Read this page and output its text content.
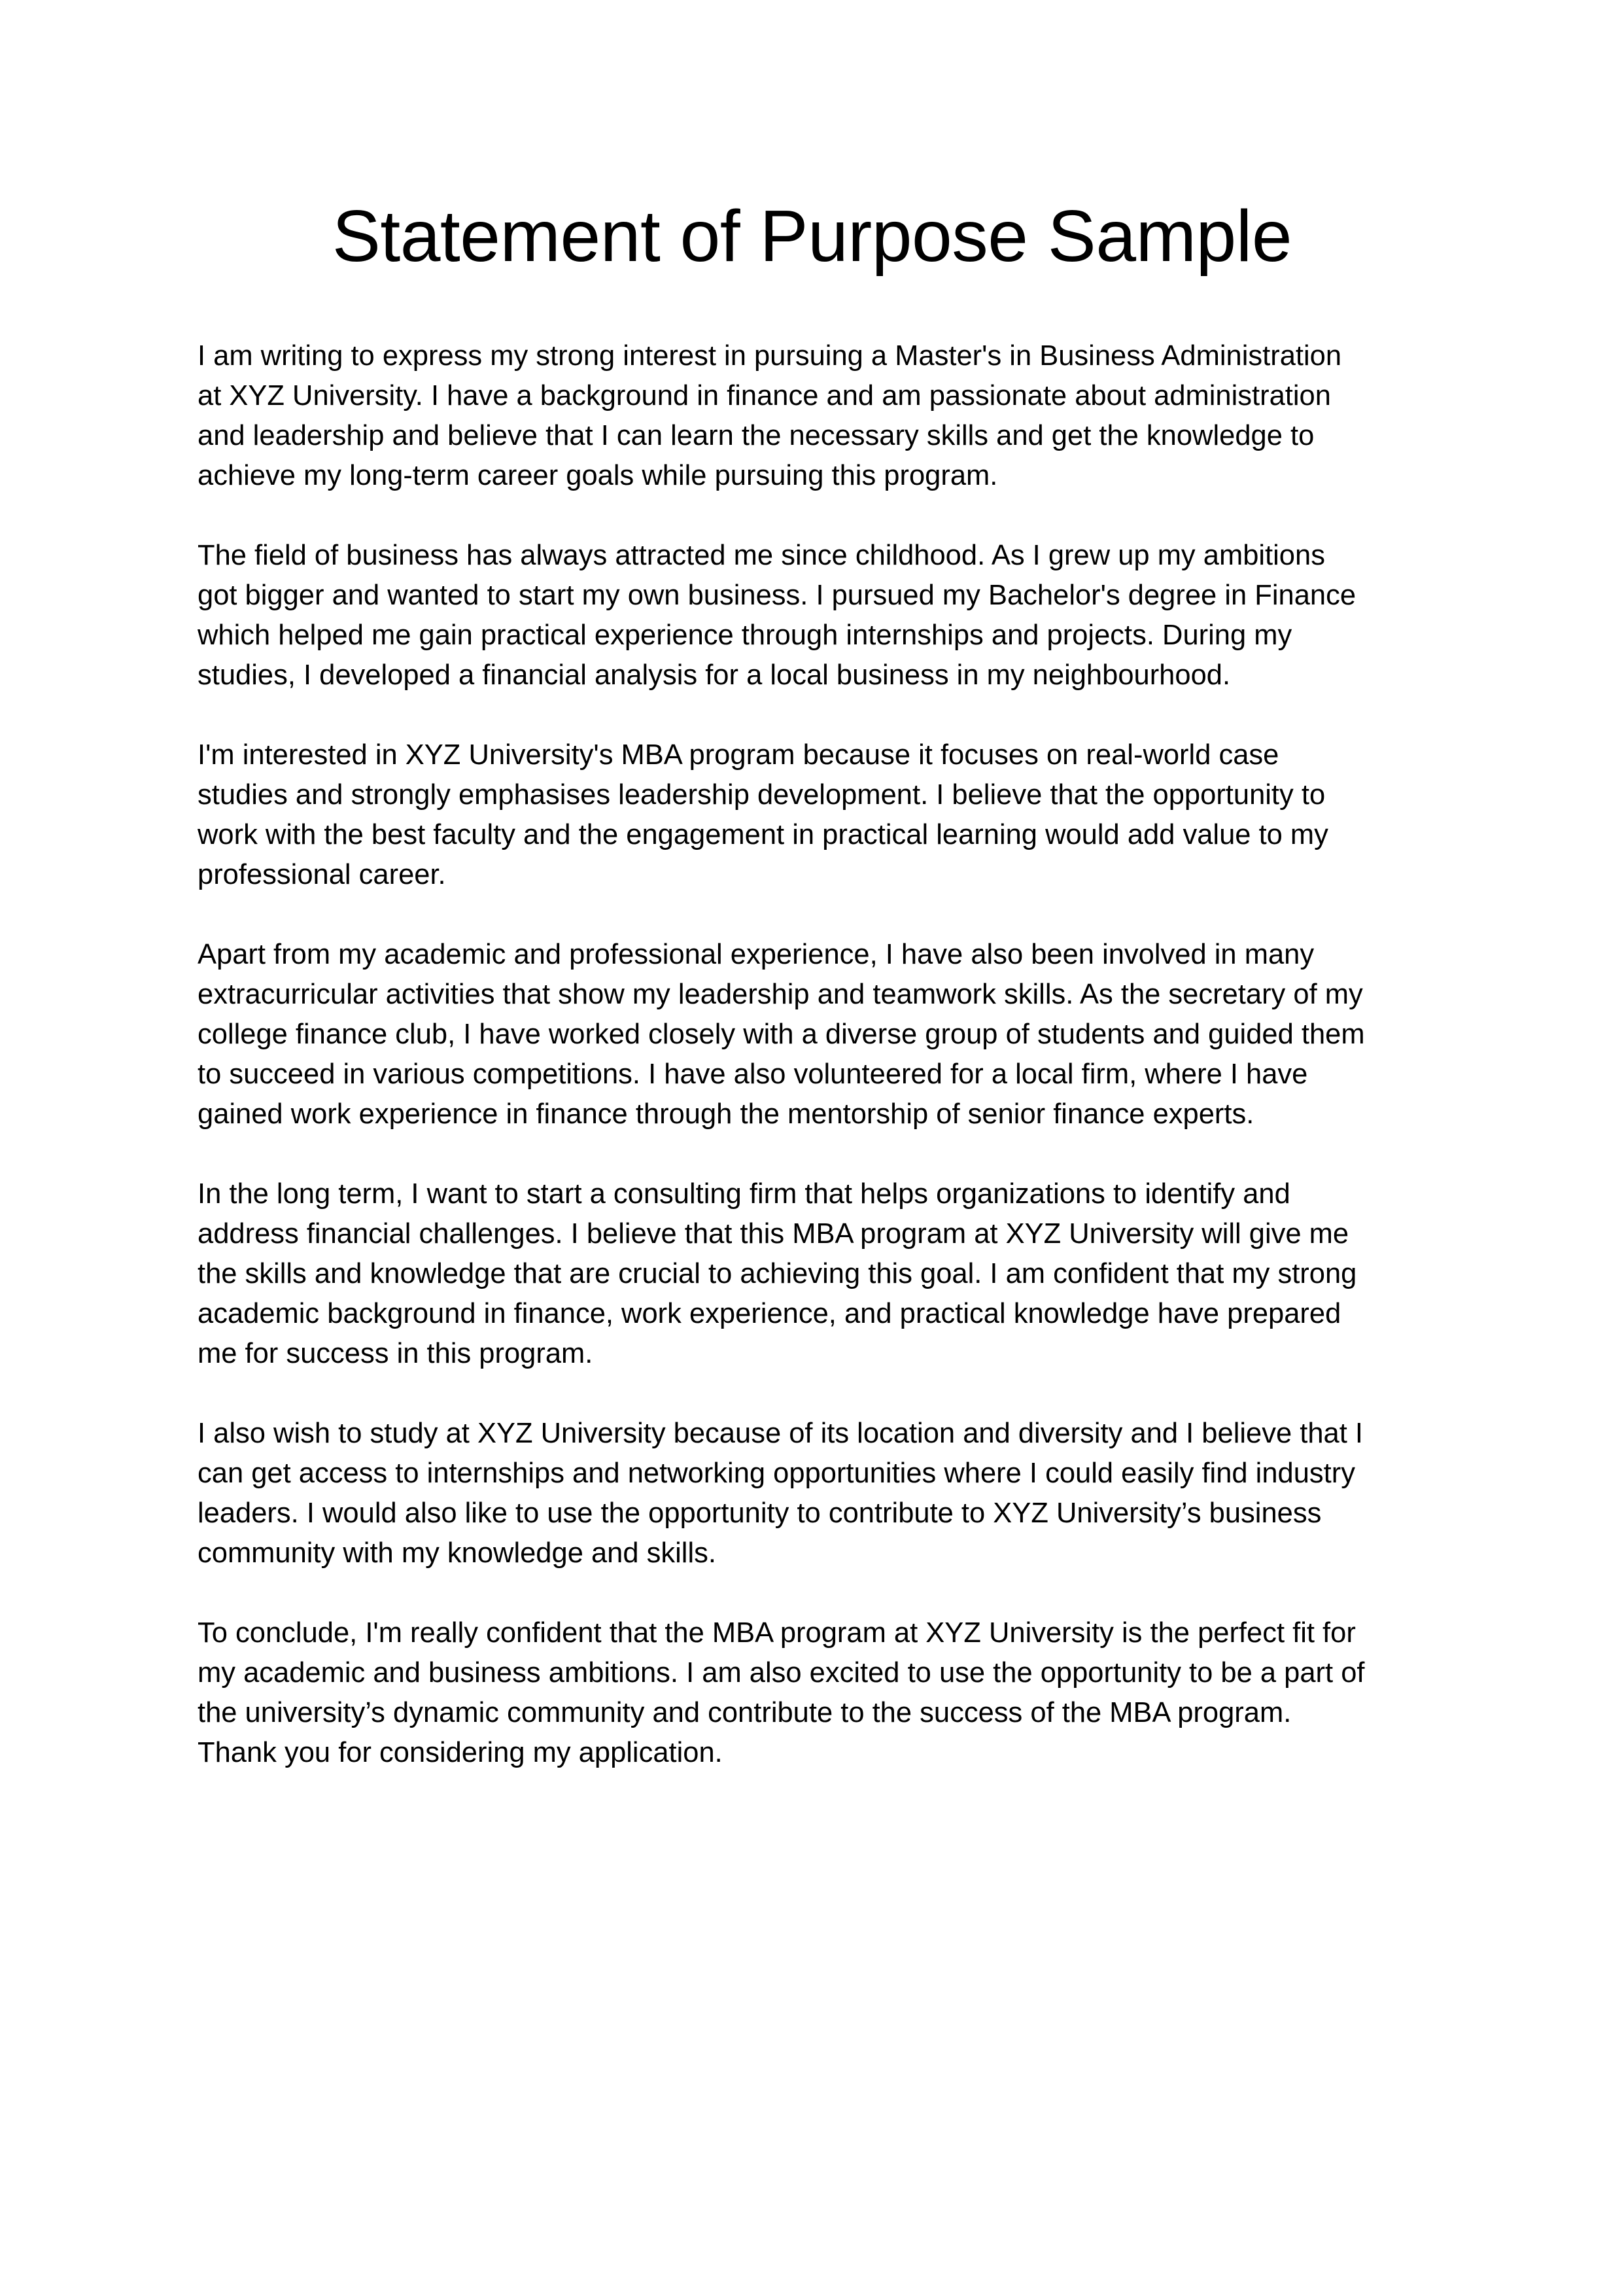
Statement of Purpose Sample

I am writing to express my strong interest in pursuing a Master's in Business Administration
at XYZ University. I have a background in finance and am passionate about administration
and leadership and believe that I can learn the necessary skills and get the knowledge to
achieve my long-term career goals while pursuing this program.

The field of business has always attracted me since childhood. As I grew up my ambitions
got bigger and wanted to start my own business. I pursued my Bachelor's degree in Finance
which helped me gain practical experience through internships and projects. During my
studies, I developed a financial analysis for a local business in my neighbourhood.

I'm interested in XYZ University's MBA program because it focuses on real-world case
studies and strongly emphasises leadership development. I believe that the opportunity to
work with the best faculty and the engagement in practical learning would add value to my
professional career.

Apart from my academic and professional experience, I have also been involved in many
extracurricular activities that show my leadership and teamwork skills. As the secretary of my
college finance club, I have worked closely with a diverse group of students and guided them
to succeed in various competitions. I have also volunteered for a local firm, where I have
gained work experience in finance through the mentorship of senior finance experts.

In the long term, I want to start a consulting firm that helps organizations to identify and
address financial challenges. I believe that this MBA program at XYZ University will give me
the skills and knowledge that are crucial to achieving this goal. I am confident that my strong
academic background in finance, work experience, and practical knowledge have prepared
me for success in this program.

I also wish to study at XYZ University because of its location and diversity and I believe that I
can get access to internships and networking opportunities where I could easily find industry
leaders. I would also like to use the opportunity to contribute to XYZ University’s business
community with my knowledge and skills.

To conclude, I'm really confident that the MBA program at XYZ University is the perfect fit for
my academic and business ambitions. I am also excited to use the opportunity to be a part of
the university’s dynamic community and contribute to the success of the MBA program.
Thank you for considering my application.
